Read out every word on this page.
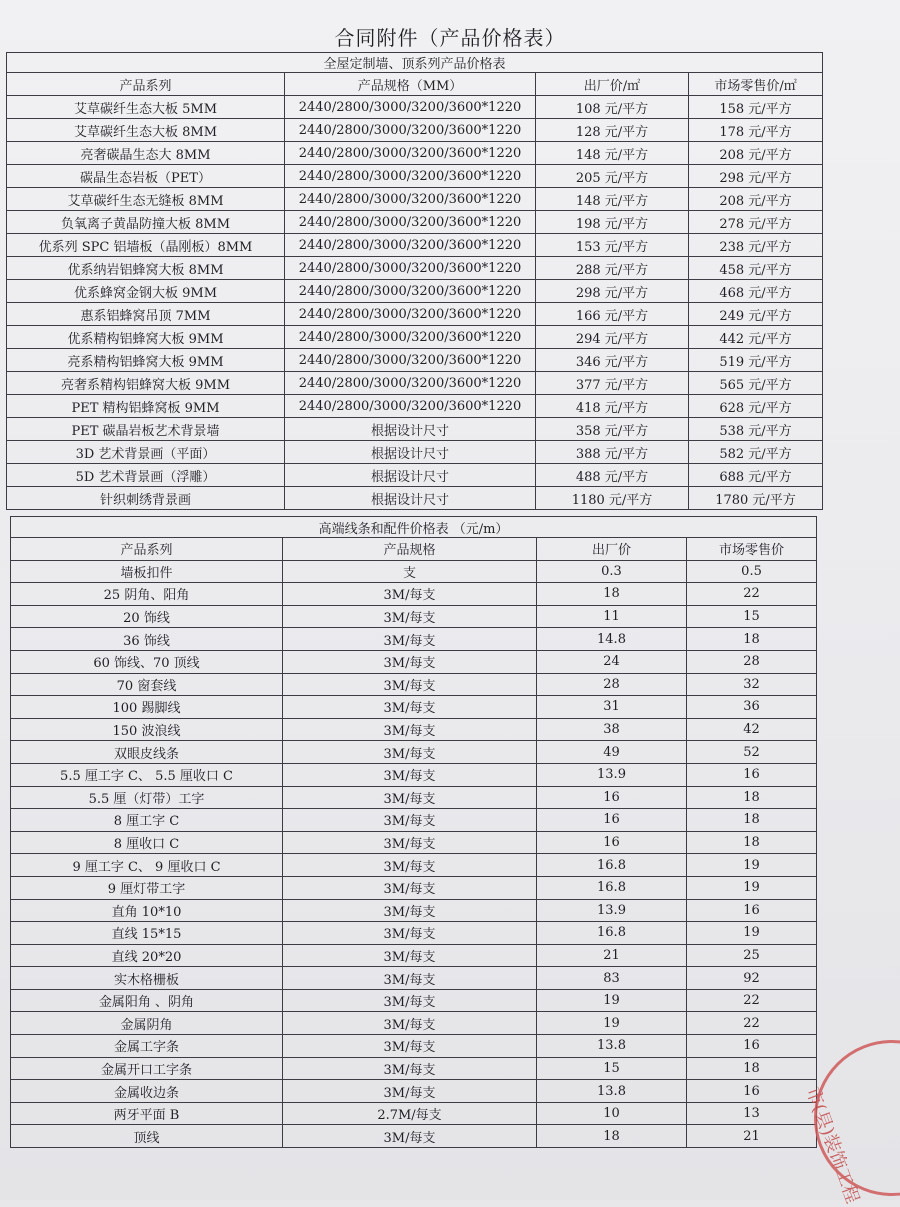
合同附件（产品价格表）
全屋定制墙、顶系列产品价格表			
产品系列	产品规格（MM）	出厂价/㎡	市场零售价/㎡
艾草碳纤生态大板 5MM	2440/2800/3000/3200/3600*1220	108 元/平方	158 元/平方
艾草碳纤生态大板 8MM	2440/2800/3000/3200/3600*1220	128 元/平方	178 元/平方
亮奢碳晶生态大 8MM	2440/2800/3000/3200/3600*1220	148 元/平方	208 元/平方
碳晶生态岩板（PET）	2440/2800/3000/3200/3600*1220	205 元/平方	298 元/平方
艾草碳纤生态无缝板 8MM	2440/2800/3000/3200/3600*1220	148 元/平方	208 元/平方
负氧离子黄晶防撞大板 8MM	2440/2800/3000/3200/3600*1220	198 元/平方	278 元/平方
优系列 SPC 铝墙板（晶刚板）8MM	2440/2800/3000/3200/3600*1220	153 元/平方	238 元/平方
优系纳岩铝蜂窝大板 8MM	2440/2800/3000/3200/3600*1220	288 元/平方	458 元/平方
优系蜂窝金钢大板 9MM	2440/2800/3000/3200/3600*1220	298 元/平方	468 元/平方
惠系铝蜂窝吊顶 7MM	2440/2800/3000/3200/3600*1220	166 元/平方	249 元/平方
优系精构铝蜂窝大板 9MM	2440/2800/3000/3200/3600*1220	294 元/平方	442 元/平方
亮系精构铝蜂窝大板 9MM	2440/2800/3000/3200/3600*1220	346 元/平方	519 元/平方
亮奢系精构铝蜂窝大板 9MM	2440/2800/3000/3200/3600*1220	377 元/平方	565 元/平方
PET 精构铝蜂窝板 9MM	2440/2800/3000/3200/3600*1220	418 元/平方	628 元/平方
PET 碳晶岩板艺术背景墙	根据设计尺寸	358 元/平方	538 元/平方
3D 艺术背景画（平面）	根据设计尺寸	388 元/平方	582 元/平方
5D 艺术背景画（浮雕）	根据设计尺寸	488 元/平方	688 元/平方
针织刺绣背景画	根据设计尺寸	1180 元/平方	1780 元/平方
高端线条和配件价格表 （元/m）			
产品系列	产品规格	出厂价	市场零售价
墙板扣件	支	0.3	0.5
25 阴角、阳角	3M/每支	18	22
20 饰线	3M/每支	11	15
36 饰线	3M/每支	14.8	18
60 饰线、70 顶线	3M/每支	24	28
70 窗套线	3M/每支	28	32
100 踢脚线	3M/每支	31	36
150 波浪线	3M/每支	38	42
双眼皮线条	3M/每支	49	52
5.5 厘工字 C、 5.5 厘收口 C	3M/每支	13.9	16
5.5 厘（灯带）工字	3M/每支	16	18
8 厘工字 C	3M/每支	16	18
8 厘收口 C	3M/每支	16	18
9 厘工字 C、 9 厘收口 C	3M/每支	16.8	19
9 厘灯带工字	3M/每支	16.8	19
直角 10*10	3M/每支	13.9	16
直线 15*15	3M/每支	16.8	19
直线 20*20	3M/每支	21	25
实木格栅板	3M/每支	83	92
金属阳角 、阴角	3M/每支	19	22
金属阴角	3M/每支	19	22
金属工字条	3M/每支	13.8	16
金属开口工字条	3M/每支	15	18
金属收边条	3M/每支	13.8	16
两牙平面 B	2.7M/每支	10	13
顶线	3M/每支	18	21 市(县)装饰工程
